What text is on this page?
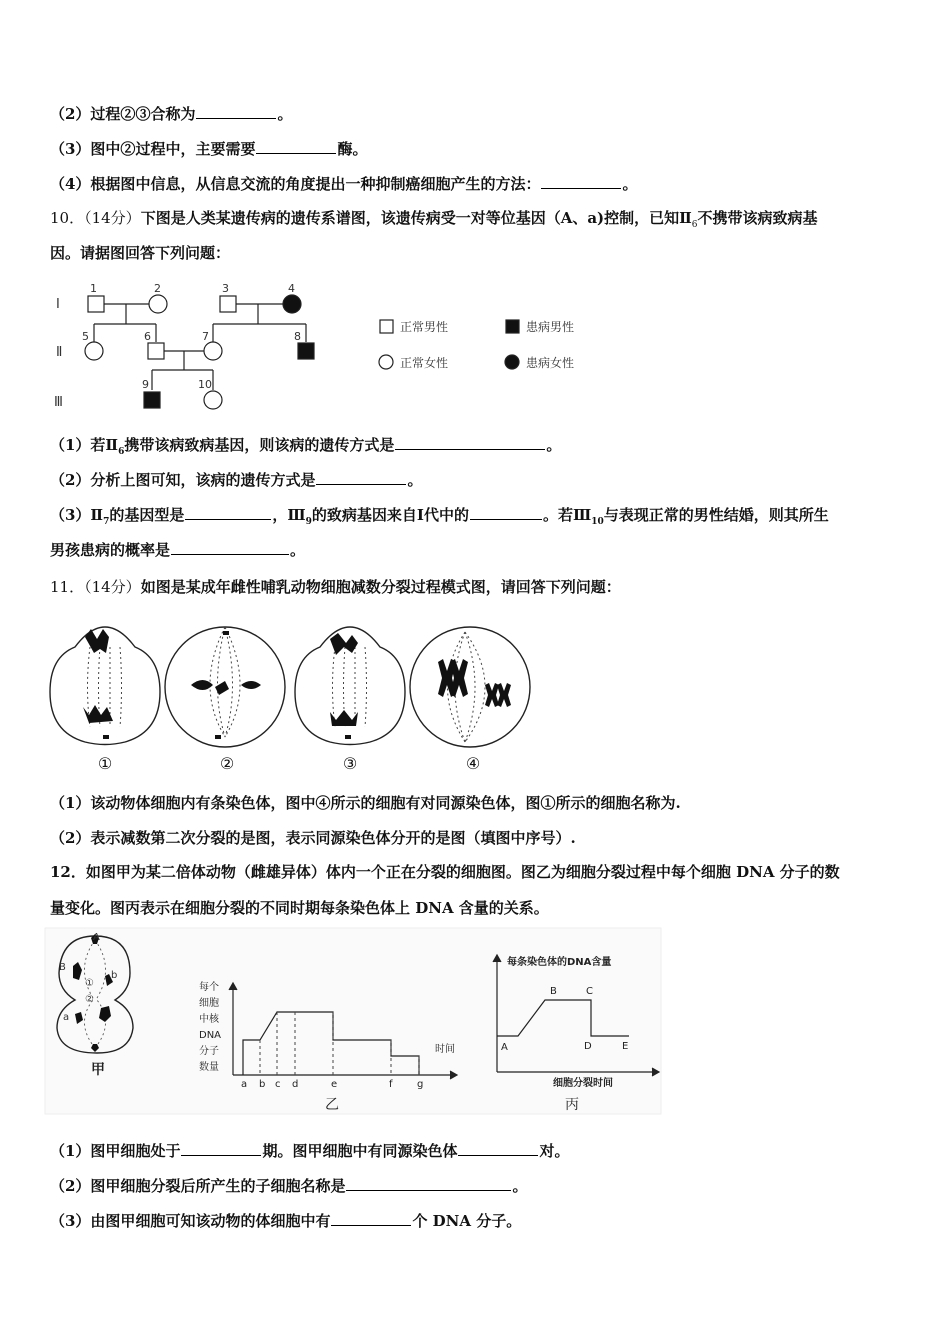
（2）过程②③合称为	。
（3）图中②过程中，主要需要	酶。
（4）根据图中信息，从信息交流的角度提出一种抑制癌细胞产生的方法：	。
10．（14分）下图是人类某遗传病的遗传系谱图，该遗传病受一对等位基因（A、a)控制，已知$Ⅱ_6$不携带该病致病基
因。请据图回答下列问题：
Ⅰ
Ⅱ
Ⅲ
1	2	3	4
5	6	7	8
9	10
正常男性	患病男性
正常女性	患病女性
（1）若$Ⅱ_6$携带该病致病基因，则该病的遗传方式是	。
（2）分析上图可知，该病的遗传方式是	。
$(3)Ⅱ_7$的基因型是	，$Ⅲ_9$的致病基因来自Ⅰ代中的	。若$Ⅲ_{10}$与表现正常的男性结婚，则其所生
男孩患病的概率是	。
11．（14分）如图是某成年雌性哺乳动物细胞减数分裂过程模式图，请回答下列问题：
①	②	③	④
（1）该动物体细胞内有条染色体，图中④所示的细胞有对同源染色体，图①所示的细胞名称为.
（2）表示减数第二次分裂的是图，表示同源染色体分开的是图（填图中序号）.
12．如图甲为某二倍体动物（雌雄异体）体内一个正在分裂的细胞图。图乙为细胞分裂过程中每个细胞 DNA 分子的数
量变化。图丙表示在细胞分裂的不同时期每条染色体上 DNA 含量的关系。
A
B
b
a
①
②
甲
每个
细胞
中核
DNA
分子
数量
时间
a b c d	e	f g
乙
每条染色体的DNA含量
细胞分裂时间
A
B	C
D	E
丙
（1）图甲细胞处于	期。图甲细胞中有同源染色体	对。
（2）图甲细胞分裂后所产生的子细胞名称是	。
（3）由图甲细胞可知该动物的体细胞中有	个 DNA 分子。
